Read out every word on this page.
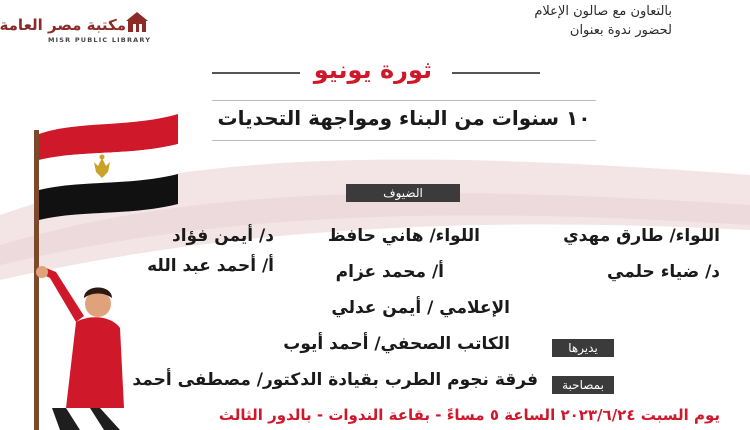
مكتبة مصر العامة
MISR PUBLIC LIBRARY
بالتعاون مع صالون الإعلام
لحضور ندوة بعنوان
ثورة يونيو
١٠ سنوات من البناء ومواجهة التحديات
الضيوف
اللواء/ طارق مهدي
اللواء/ هاني حافظ
د/ أيمن فؤاد
د/ ضياء حلمي
أ/ محمد عزام
أ/ أحمد عبد الله
الإعلامي / أيمن عدلي
يديرها
الكاتب الصحفي/ أحمد أيوب
بمصاحبة
فرقة نجوم الطرب بقيادة الدكتور/ مصطفى أحمد
يوم السبت ٢٠٢٣/٦/٢٤ الساعة ٥ مساءً - بقاعة الندوات - بالدور الثالث
